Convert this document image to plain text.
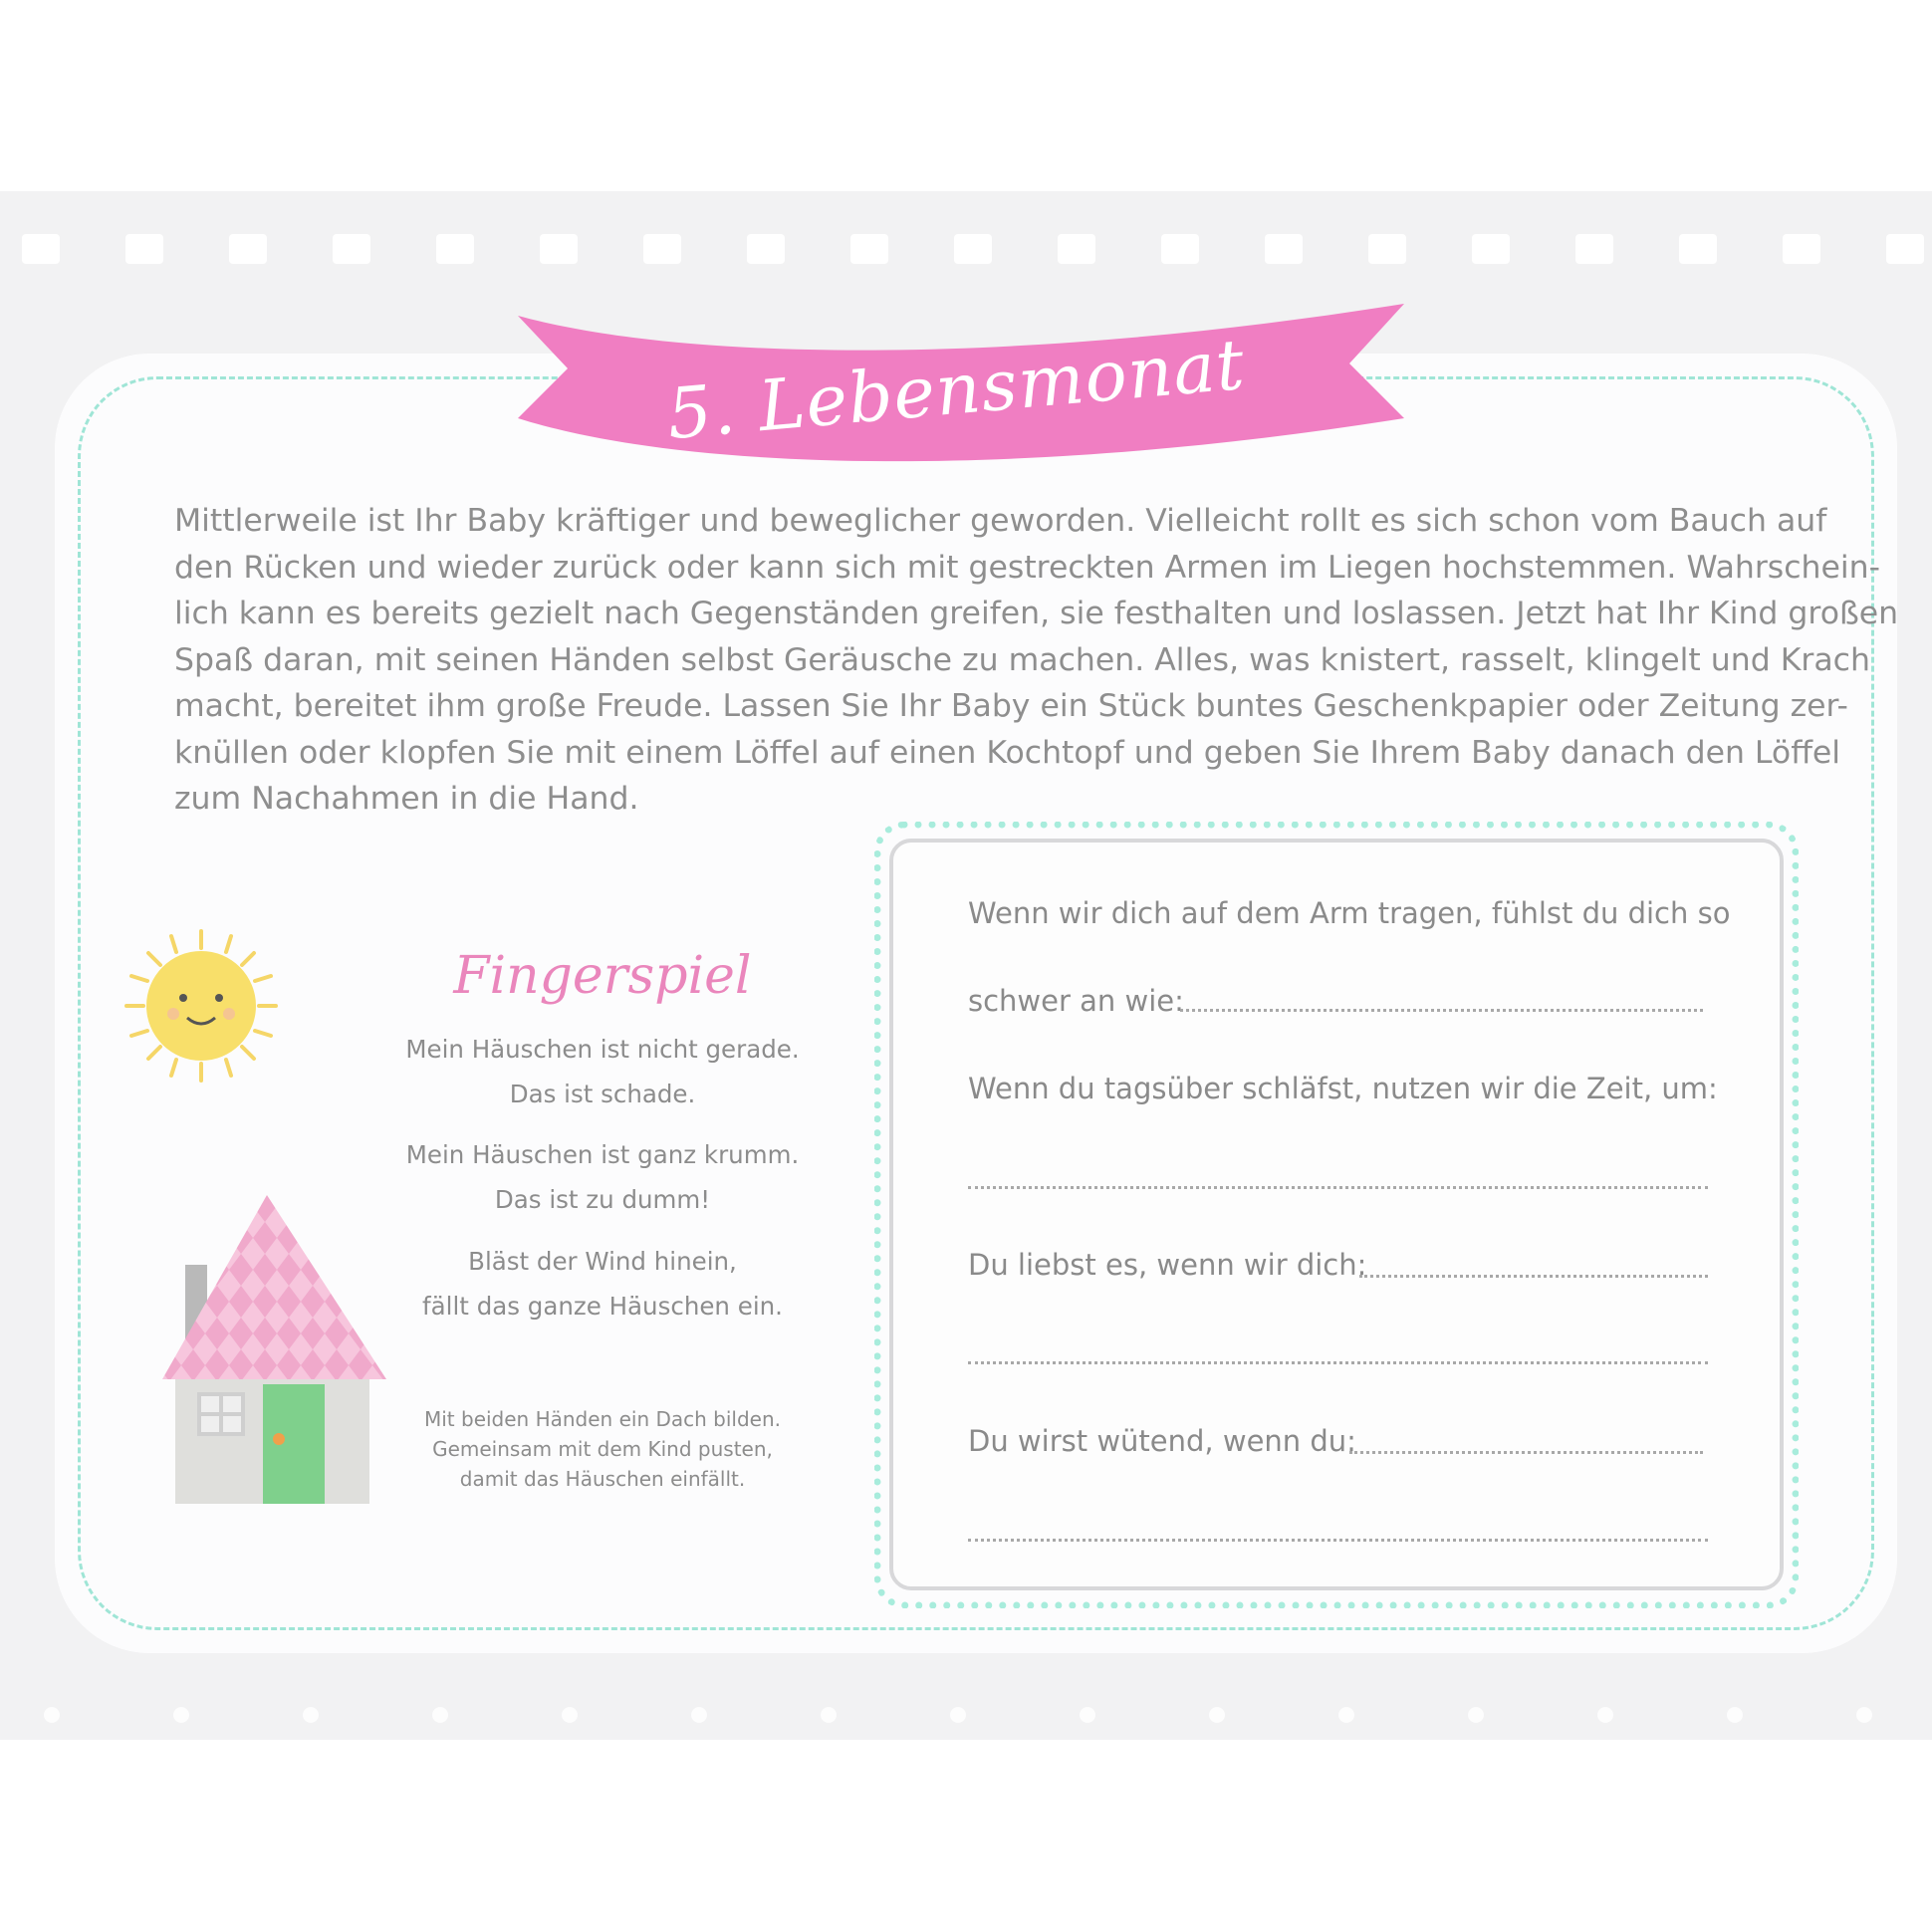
5. Lebensmonat

Mittlerweile ist Ihr Baby kräftiger und beweglicher geworden. Vielleicht rollt es sich schon vom Bauch auf
den Rücken und wieder zurück oder kann sich mit gestreckten Armen im Liegen hochstemmen. Wahrschein-
lich kann es bereits gezielt nach Gegenständen greifen, sie festhalten und loslassen. Jetzt hat Ihr Kind großen
Spaß daran, mit seinen Händen selbst Geräusche zu machen. Alles, was knistert, rasselt, klingelt und Krach
macht, bereitet ihm große Freude. Lassen Sie Ihr Baby ein Stück buntes Geschenkpapier oder Zeitung zer-
knüllen oder klopfen Sie mit einem Löffel auf einen Kochtopf und geben Sie Ihrem Baby danach den Löffel
zum Nachahmen in die Hand.

Fingerspiel
Mein Häuschen ist nicht gerade.
Das ist schade.
Mein Häuschen ist ganz krumm.
Das ist zu dumm!
Bläst der Wind hinein,
fällt das ganze Häuschen ein.
Mit beiden Händen ein Dach bilden.
Gemeinsam mit dem Kind pusten,
damit das Häuschen einfällt.
Wenn wir dich auf dem Arm tragen, fühlst du dich so
schwer an wie:
Wenn du tagsüber schläfst, nutzen wir die Zeit, um:
Du liebst es, wenn wir dich:
Du wirst wütend, wenn du:
